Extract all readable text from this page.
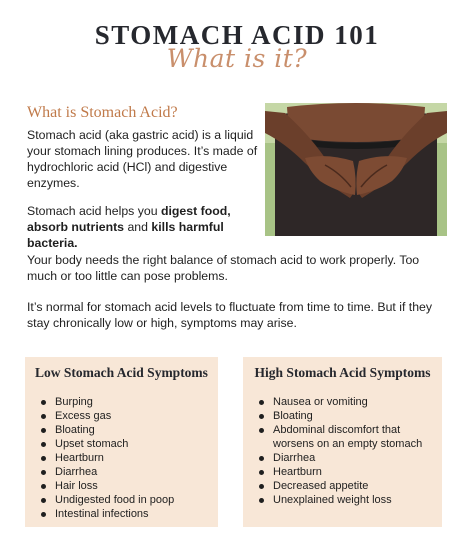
STOMACH ACID 101
What is it?
What is Stomach Acid?
Stomach acid (aka gastric acid) is a liquid your stomach lining produces. It’s made of hydrochloric acid (HCl) and digestive enzymes.
Stomach acid helps you digest food, absorb nutrients and kills harmful bacteria.
Your body needs the right balance of stomach acid to work properly. Too much or too little can pose problems.
It’s normal for stomach acid levels to fluctuate from time to time. But if they stay chronically low or high, symptoms may arise.
Low Stomach Acid Symptoms
Burping
Excess gas
Bloating
Upset stomach
Heartburn
Diarrhea
Hair loss
Undigested food in poop
Intestinal infections
High Stomach Acid Symptoms
Nausea or vomiting
Bloating
Abdominal discomfort that worsens on an empty stomach
Diarrhea
Heartburn
Decreased appetite
Unexplained weight loss
